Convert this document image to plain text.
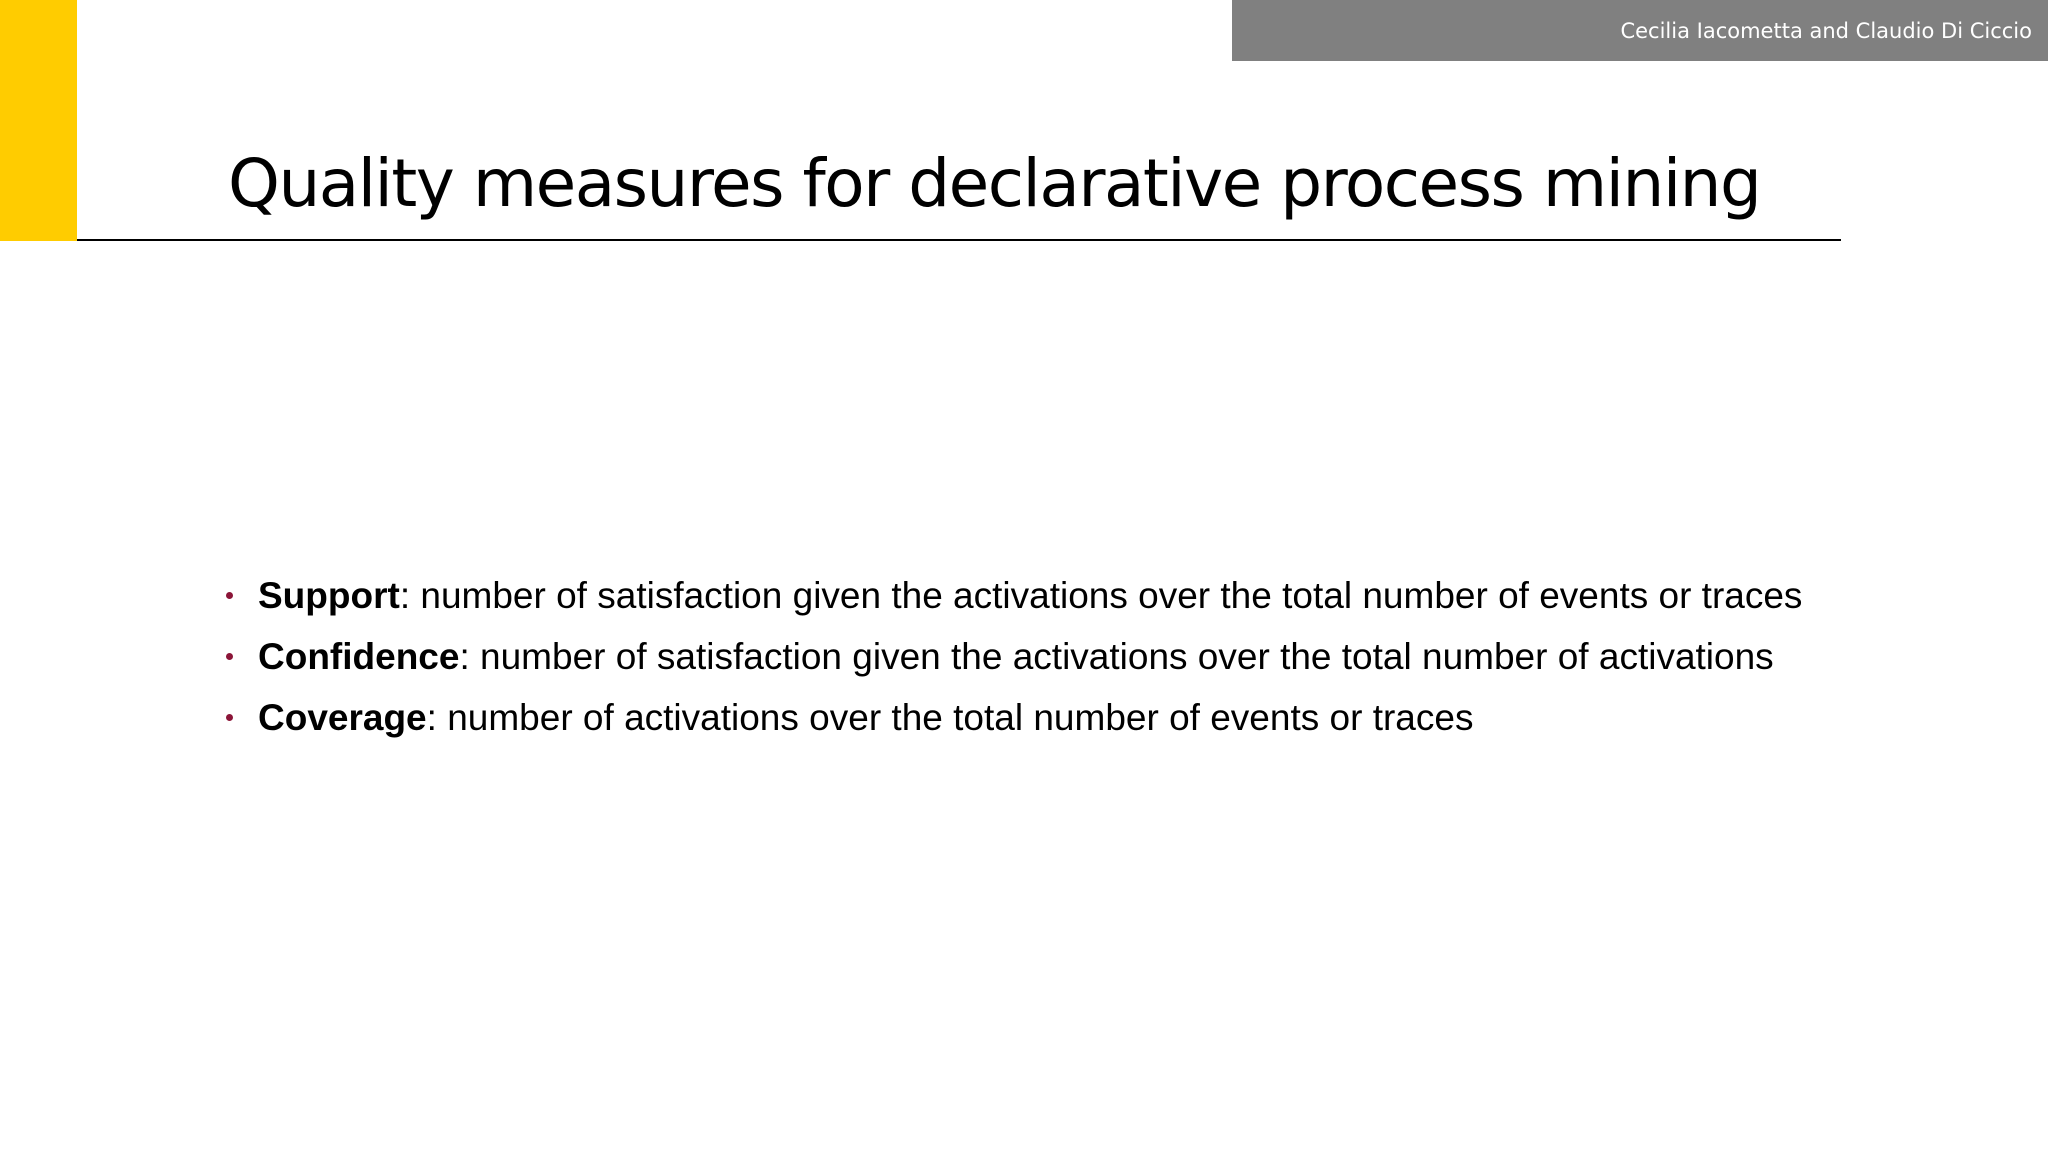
Cecilia Iacometta and Claudio Di Ciccio
Quality measures for declarative process mining
Support: number of satisfaction given the activations over the total number of events or traces
Confidence: number of satisfaction given the activations over the total number of activations
Coverage: number of activations over the total number of events or traces
